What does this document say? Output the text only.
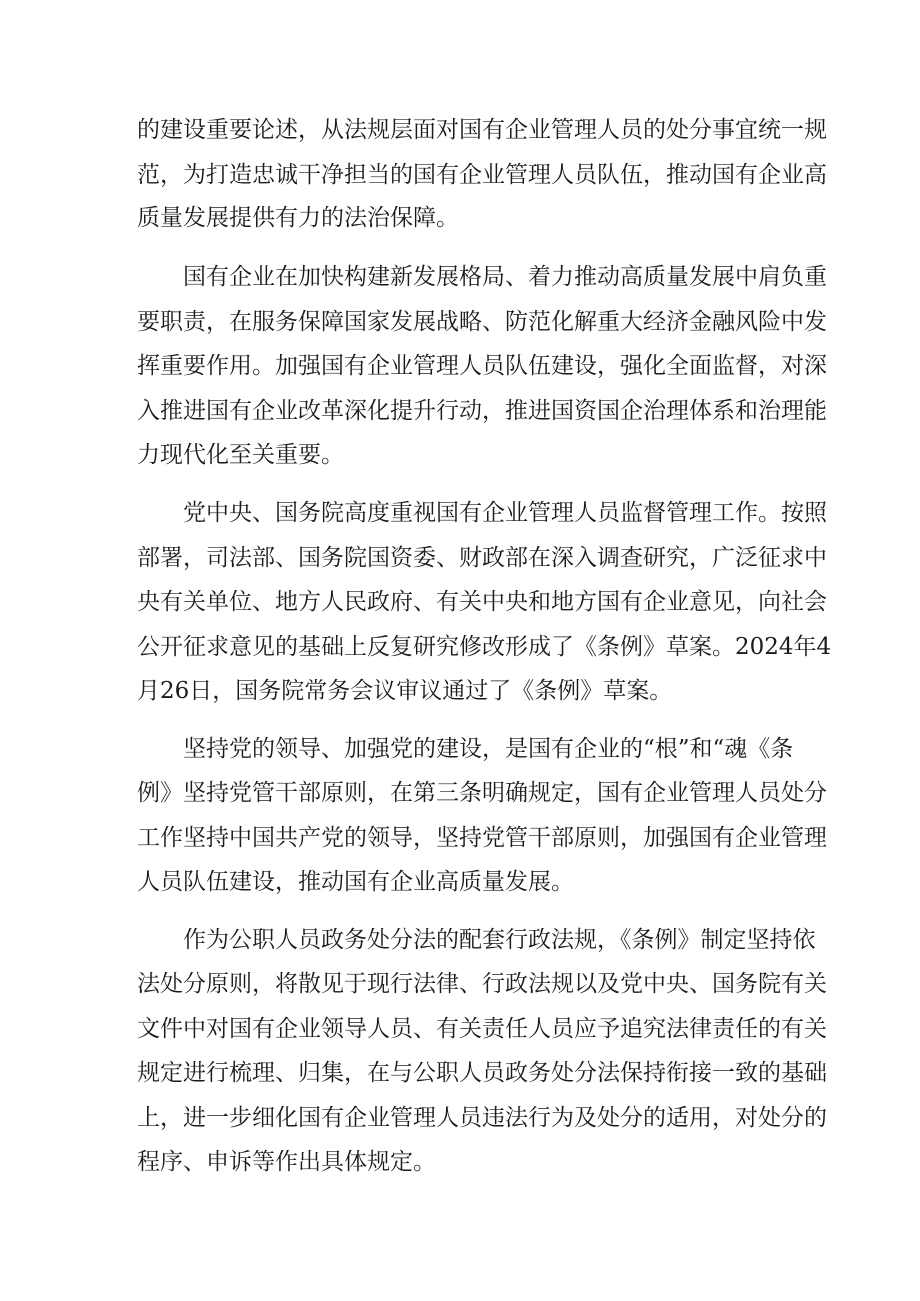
的建设重要论述，从法规层面对国有企业管理人员的处分事宜统一规
范，为打造忠诚干净担当的国有企业管理人员队伍，推动国有企业高
质量发展提供有力的法治保障。
国有企业在加快构建新发展格局、着力推动高质量发展中肩负重
要职责，在服务保障国家发展战略、防范化解重大经济金融风险中发
挥重要作用。加强国有企业管理人员队伍建设，强化全面监督，对深
入推进国有企业改革深化提升行动，推进国资国企治理体系和治理能
力现代化至关重要。
党中央、国务院高度重视国有企业管理人员监督管理工作。按照
部署，司法部、国务院国资委、财政部在深入调查研究，广泛征求中
央有关单位、地方人民政府、有关中央和地方国有企业意见，向社会
公开征求意见的基础上反复研究修改形成了《条例》草案。2024年4
月26日，国务院常务会议审议通过了《条例》草案。
坚持党的领导、加强党的建设，是国有企业的“根”和“魂《条
例》坚持党管干部原则，在第三条明确规定，国有企业管理人员处分
工作坚持中国共产党的领导，坚持党管干部原则，加强国有企业管理
人员队伍建设，推动国有企业高质量发展。
作为公职人员政务处分法的配套行政法规，《条例》制定坚持依
法处分原则，将散见于现行法律、行政法规以及党中央、国务院有关
文件中对国有企业领导人员、有关责任人员应予追究法律责任的有关
规定进行梳理、归集，在与公职人员政务处分法保持衔接一致的基础
上，进一步细化国有企业管理人员违法行为及处分的适用，对处分的
程序、申诉等作出具体规定。
